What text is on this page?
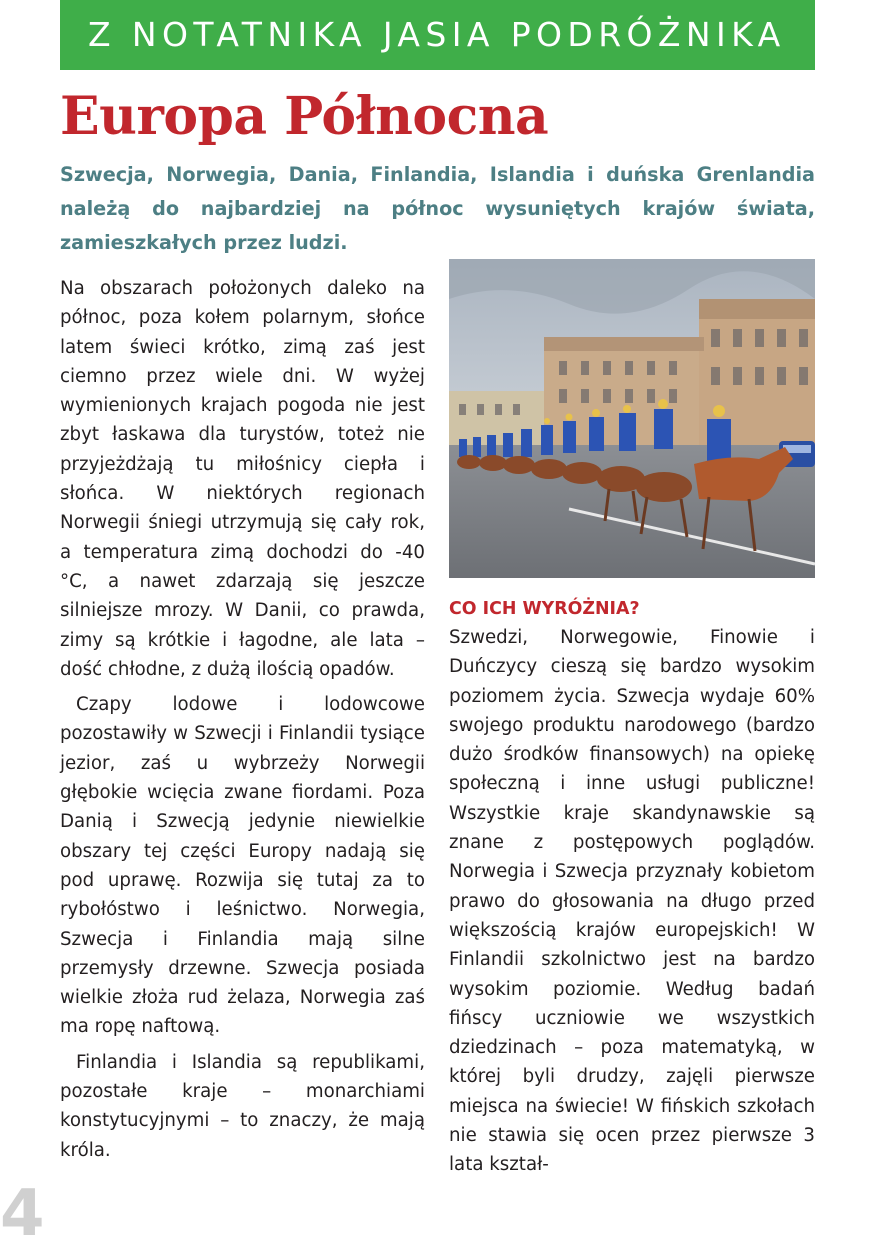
Z NOTATNIKA JASIA PODRÓŻNIKA
Europa Północna

Szwecja, Norwegia, Dania, Finlandia, Islandia i duńska Grenlandia należą do najbardziej na północ wysuniętych krajów świata, zamieszkałych przez ludzi.

Na obszarach położonych daleko na północ, poza kołem polarnym, słońce latem świeci krótko, zimą zaś jest ciemno przez wiele dni. W wyżej wymienionych krajach pogoda nie jest zbyt łaskawa dla turystów, toteż nie przyjeżdżają tu miłośnicy ciepła i słońca. W niektórych regionach Norwegii śniegi utrzymują się cały rok, a temperatura zimą dochodzi do -40 °C, a nawet zdarzają się jeszcze silniejsze mrozy. W Danii, co prawda, zimy są krótkie i łagodne, ale lata – dość chłodne, z dużą ilością opadów.

Czapy lodowe i lodowcowe pozostawiły w Szwecji i Finlandii tysiące jezior, zaś u wybrzeży Norwegii głębokie wcięcia zwane fiordami. Poza Danią i Szwecją jedynie niewielkie obszary tej części Europy nadają się pod uprawę. Rozwija się tutaj za to rybołóstwo i leśnictwo. Norwegia, Szwecja i Finlandia mają silne przemysły drzewne. Szwecja posiada wielkie złoża rud żelaza, Norwegia zaś ma ropę naftową.

Finlandia i Islandia są republikami, pozostałe kraje – monarchiami konstytucyjnymi – to znaczy, że mają króla.

CO ICH WYRÓŻNIA?

Szwedzi, Norwegowie, Finowie i Duńczycy cieszą się bardzo wysokim poziomem życia. Szwecja wydaje 60% swojego produktu narodowego (bardzo dużo środków finansowych) na opiekę społeczną i inne usługi publiczne! Wszystkie kraje skandynawskie są znane z postępowych poglądów. Norwegia i Szwecja przyznały kobietom prawo do głosowania na długo przed większością krajów europejskich! W Finlandii szkolnictwo jest na bardzo wysokim poziomie. Według badań fińscy uczniowie we wszystkich dziedzinach – poza matematyką, w której byli drudzy, zajęli pierwsze miejsca na świecie! W fińskich szkołach nie stawia się ocen przez pierwsze 3 lata kształ-

4
